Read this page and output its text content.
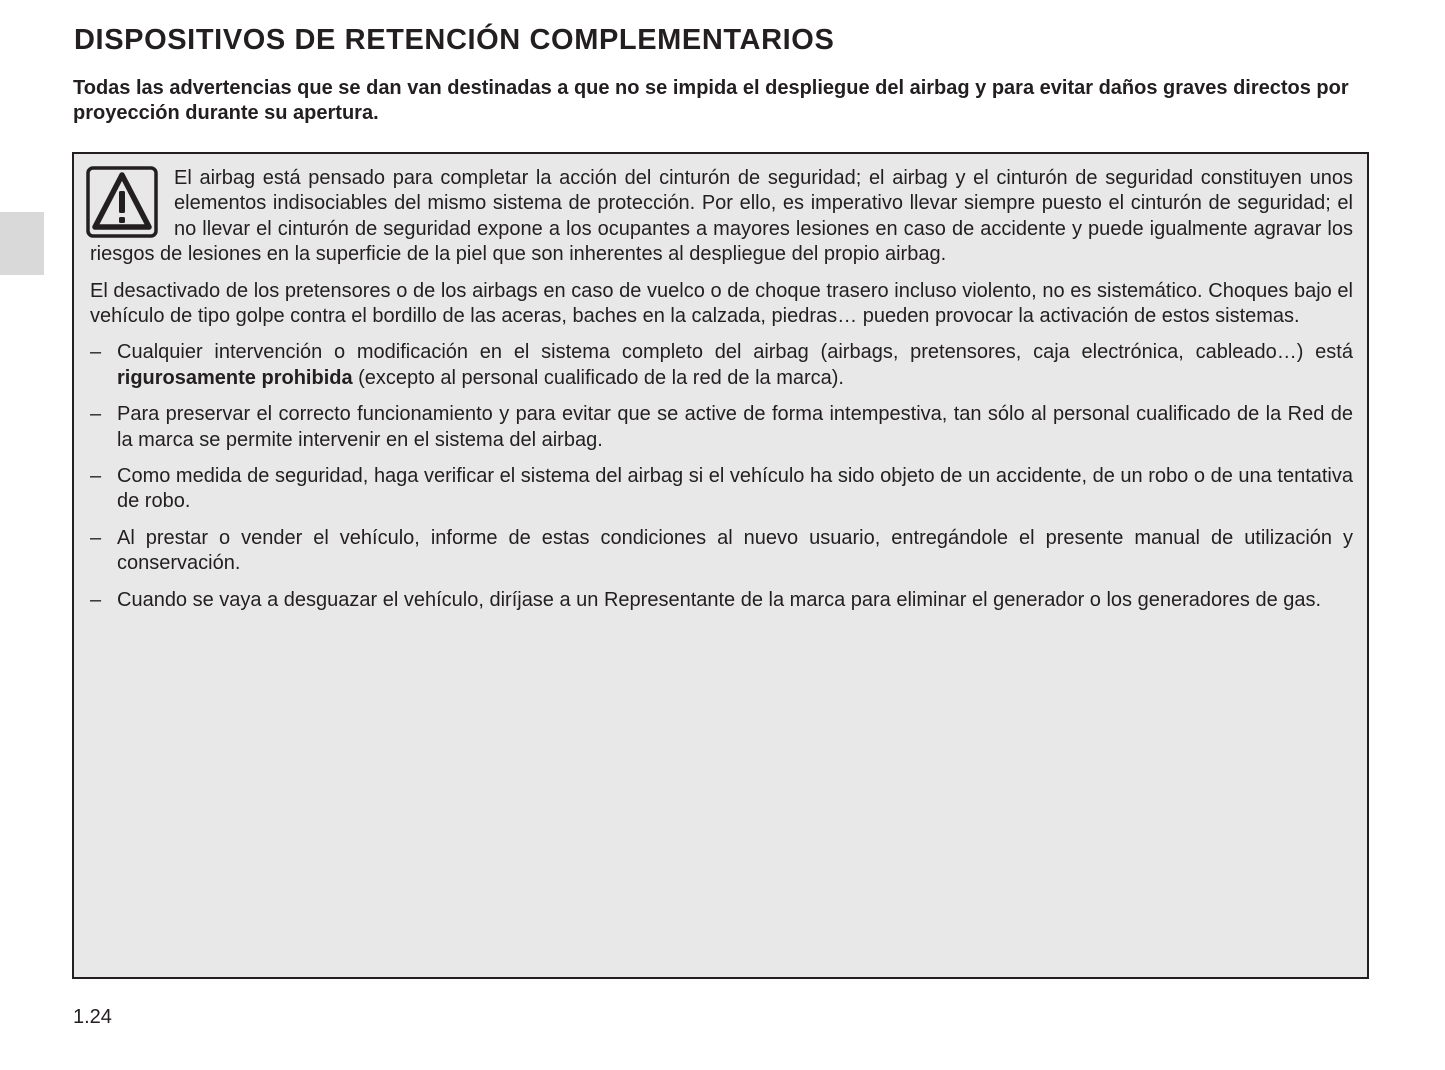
DISPOSITIVOS DE RETENCIÓN COMPLEMENTARIOS

Todas las advertencias que se dan van destinadas a que no se impida el despliegue del airbag y para evitar daños graves directos por proyección durante su apertura.

El airbag está pensado para completar la acción del cinturón de seguridad; el airbag y el cinturón de seguridad constituyen unos elementos indisociables del mismo sistema de protección. Por ello, es imperativo llevar siempre puesto el cinturón de seguridad; el no llevar el cinturón de seguridad expone a los ocupantes a mayores lesiones en caso de accidente y puede igualmente agravar los riesgos de lesiones en la superficie de la piel que son inherentes al despliegue del propio airbag.

El desactivado de los pretensores o de los airbags en caso de vuelco o de choque trasero incluso violento, no es sistemático. Choques bajo el vehículo de tipo golpe contra el bordillo de las aceras, baches en la calzada, piedras… pueden provocar la activación de estos sistemas.

– Cualquier intervención o modificación en el sistema completo del airbag (airbags, pretensores, caja electrónica, cableado…) está rigurosamente prohibida (excepto al personal cualificado de la red de la marca).
– Para preservar el correcto funcionamiento y para evitar que se active de forma intempestiva, tan sólo al personal cualificado de la Red de la marca se permite intervenir en el sistema del airbag.
– Como medida de seguridad, haga verificar el sistema del airbag si el vehículo ha sido objeto de un accidente, de un robo o de una tentativa de robo.
– Al prestar o vender el vehículo, informe de estas condiciones al nuevo usuario, entregándole el presente manual de utilización y conservación.
– Cuando se vaya a desguazar el vehículo, diríjase a un Representante de la marca para eliminar el generador o los generadores de gas.
1.24
